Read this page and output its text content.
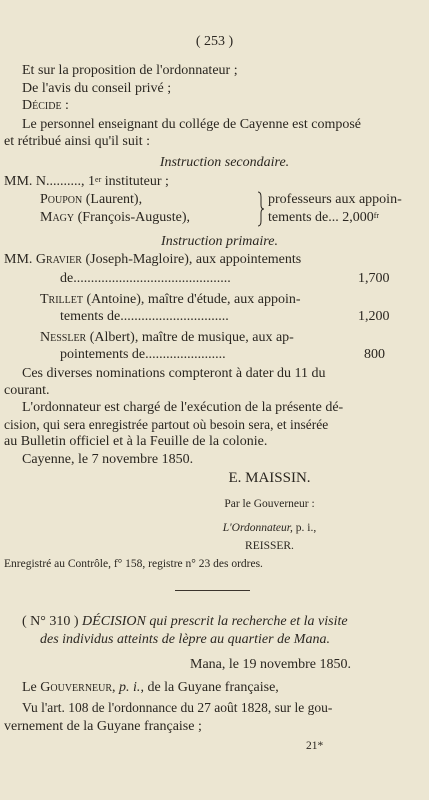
( 253 )
Et sur la proposition de l'ordonnateur ;
De l'avis du conseil privé ;
Décide :
Le personnel enseignant du collége de Cayenne est composé
et rétribué ainsi qu'il suit :
Instruction secondaire.
MM. N.........., 1er instituteur ;
Poupon (Laurent),
Magy (François-Auguste),
professeurs aux appoin-
tements de... $2,000^{fr}$
Instruction primaire.
MM. Gravier (Joseph-Magloire), aux appointements
de.............................................	1,700
Trillet (Antoine), maître d'étude, aux appoin-
tements de...............................	1,200
Nessler (Albert), maître de musique, aux ap-
pointements de.......................	800
Ces diverses nominations compteront à dater du 11 du
courant.
L'ordonnateur est chargé de l'exécution de la présente dé-
cision, qui sera enregistrée partout où besoin sera, et insérée
au Bulletin officiel et à la Feuille de la colonie.
Cayenne, le 7 novembre 1850.
E. MAISSIN.
Par le Gouverneur :
L'Ordonnateur, p. i.,
REISSER.
Enregistré au Contrôle, f° 158, registre n° 23 des ordres.
( N° 310 ) DÉCISION qui prescrit la recherche et la visite
des individus atteints de lèpre au quartier de Mana.
Mana, le 19 novembre 1850.
Le Gouverneur, p. i., de la Guyane française,
Vu l'art. 108 de l'ordonnance du 27 août 1828, sur le gou-
vernement de la Guyane française ;
21*
